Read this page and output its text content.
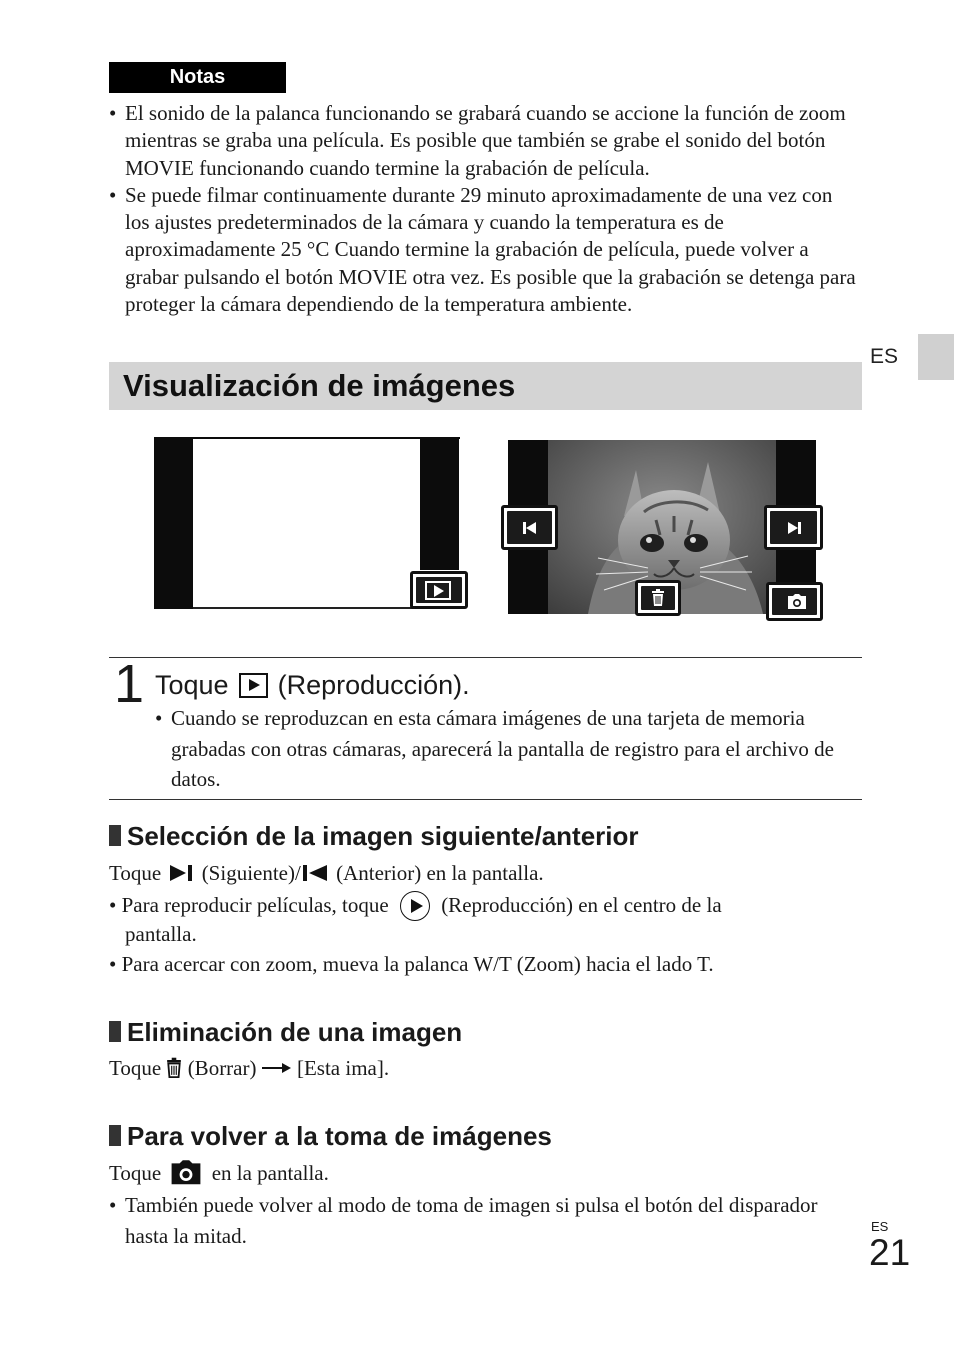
Notas
• El sonido de la palanca funcionando se grabará cuando se accione la función de zoom mientras se graba una película. Es posible que también se grabe el sonido del botón MOVIE funcionando cuando termine la grabación de película.
• Se puede filmar continuamente durante 29 minuto aproximadamente de una vez con los ajustes predeterminados de la cámara y cuando la temperatura es de aproximadamente 25 °C Cuando termine la grabación de película, puede volver a grabar pulsando el botón MOVIE otra vez. Es posible que la grabación se detenga para proteger la cámara dependiendo de la temperatura ambiente.
ES
Visualización de imágenes
1 Toque (Reproducción).
• Cuando se reproduzcan en esta cámara imágenes de una tarjeta de memoria grabadas con otras cámaras, aparecerá la pantalla de registro para el archivo de datos.
Selección de la imagen siguiente/anterior
Toque (Siguiente)/ (Anterior) en la pantalla.
• Para reproducir películas, toque	(Reproducción) en el centro de la
pantalla.
• Para acercar con zoom, mueva la palanca W/T (Zoom) hacia el lado T.
Eliminación de una imagen
Toque (Borrar) [Esta ima].
Para volver a la toma de imágenes
Toque en la pantalla.
• También puede volver al modo de toma de imagen si pulsa el botón del disparador hasta la mitad.	ES
21
